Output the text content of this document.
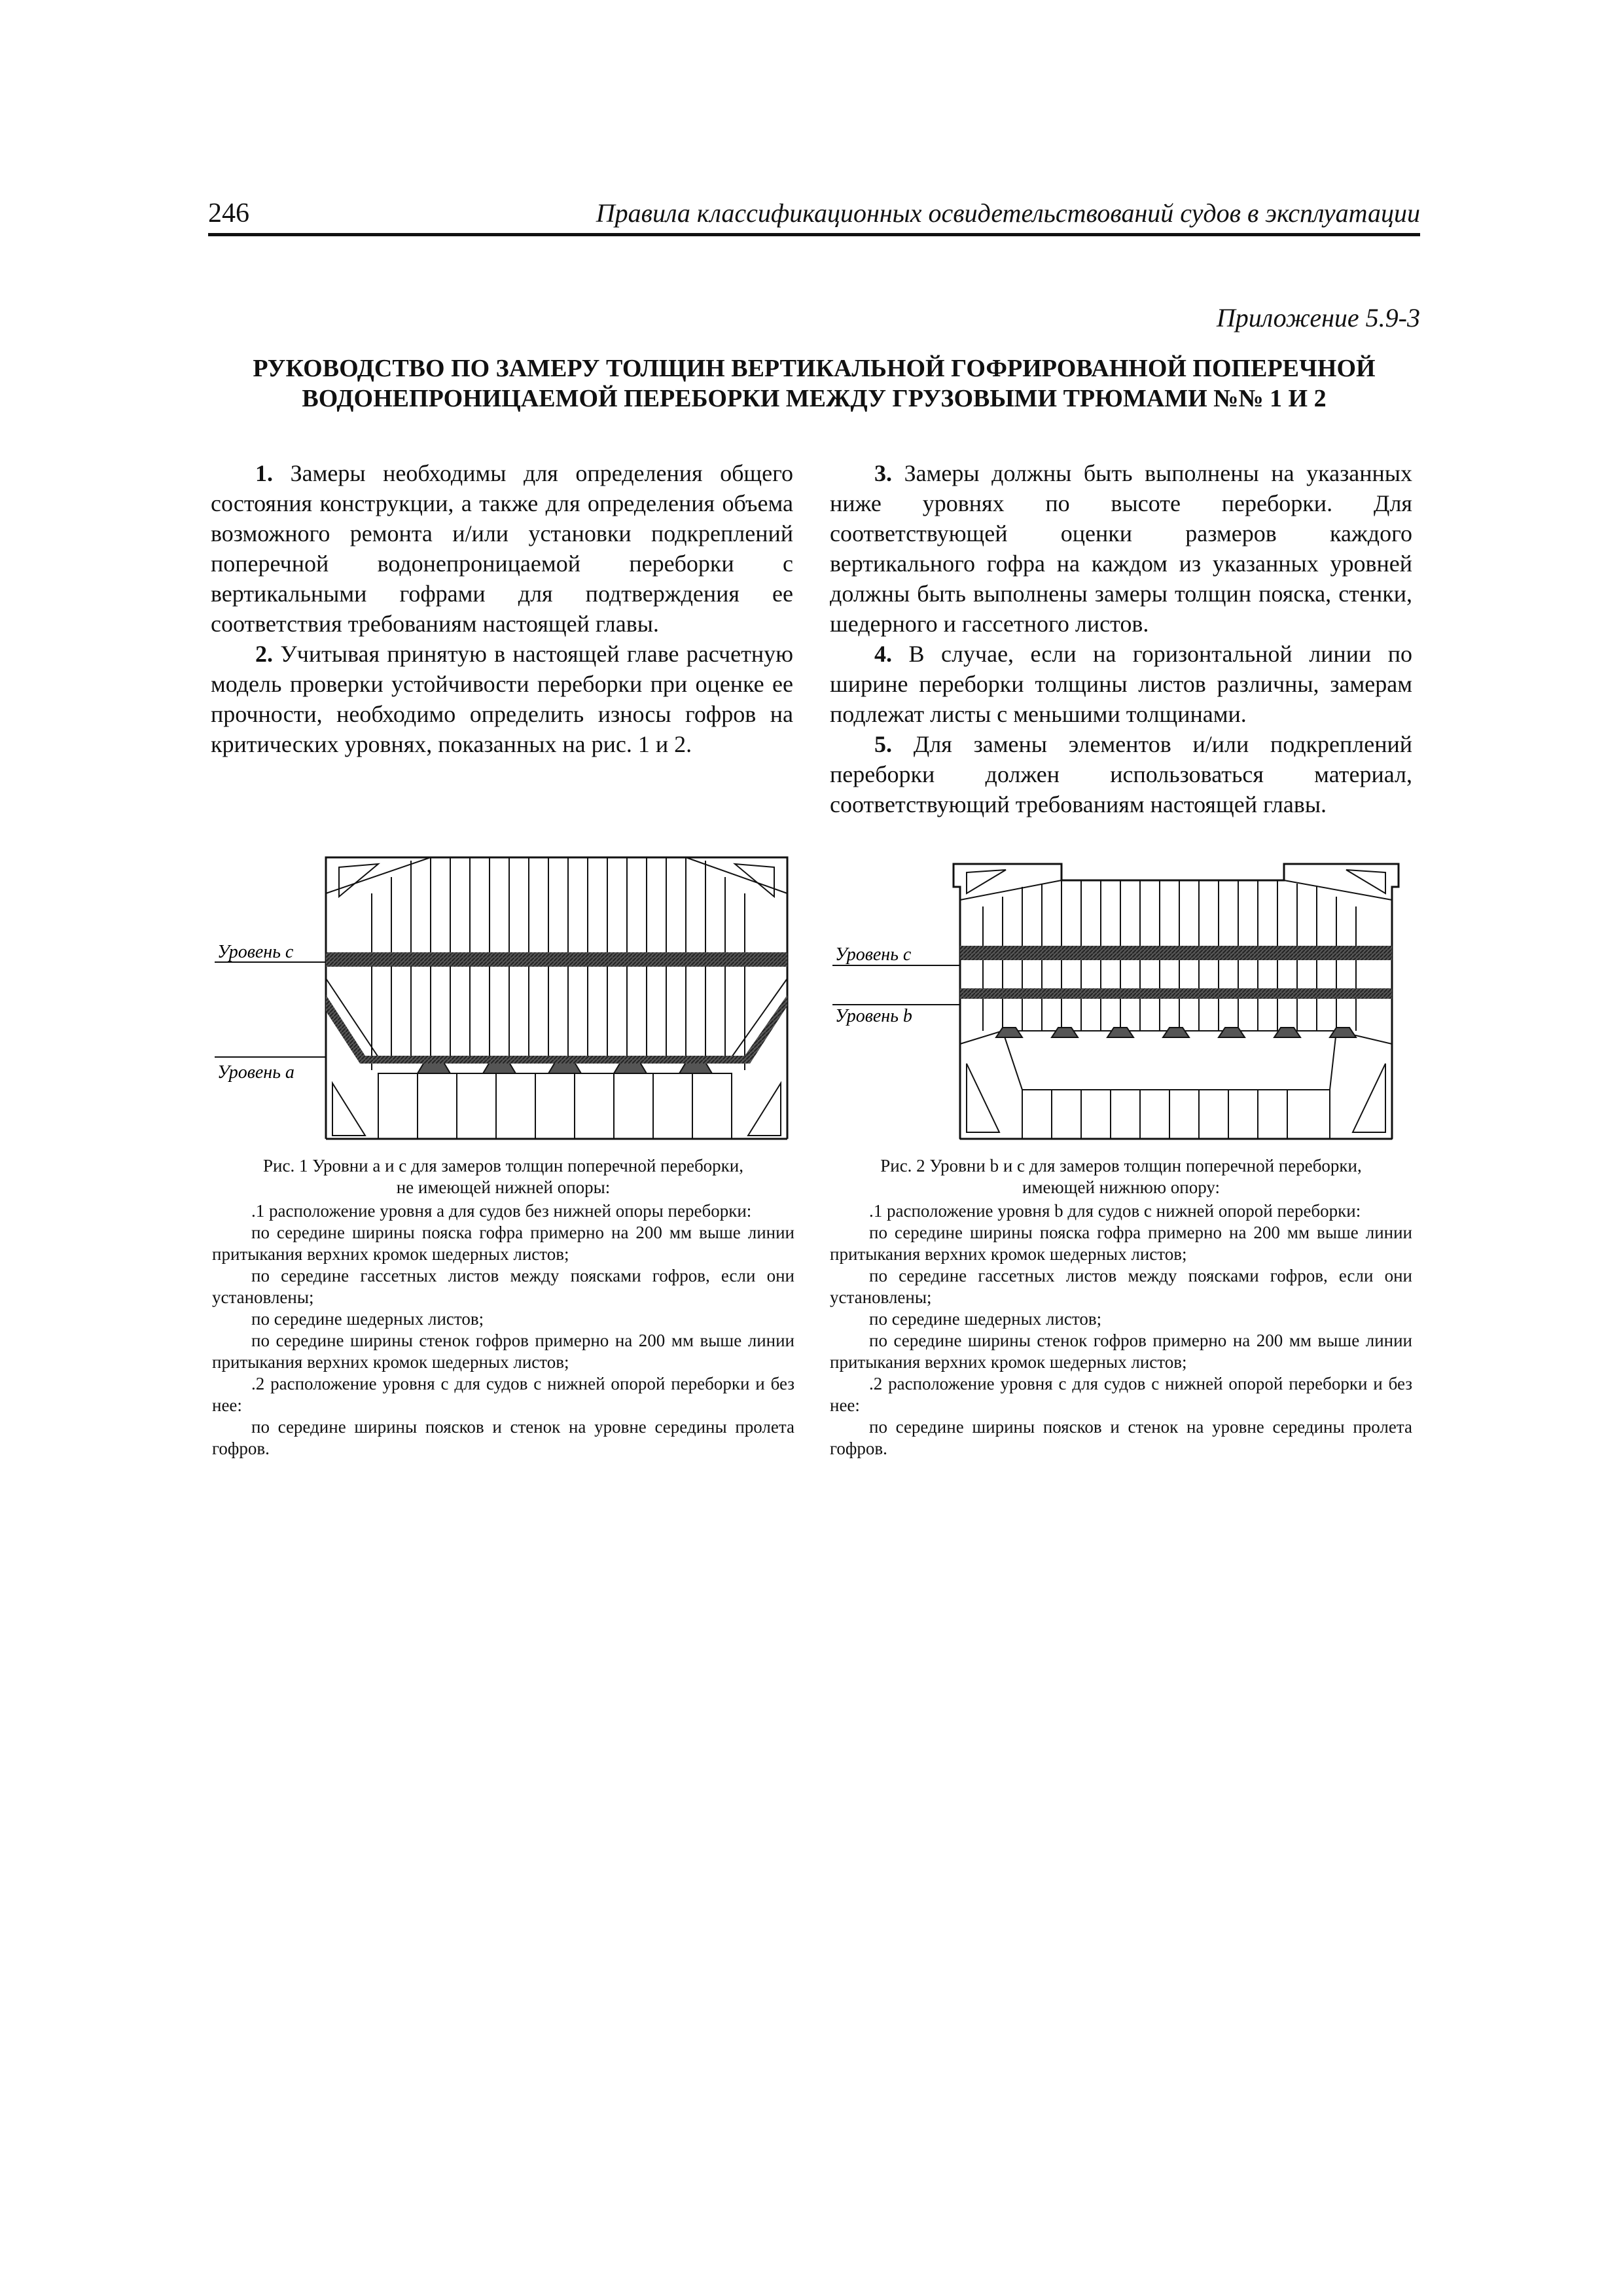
246	Правила классификационных освидетельствований судов в эксплуатации
Приложение 5.9-3
РУКОВОДСТВО ПО ЗАМЕРУ ТОЛЩИН ВЕРТИКАЛЬНОЙ ГОФРИРОВАННОЙ ПОПЕРЕЧНОЙ
ВОДОНЕПРОНИЦАЕМОЙ ПЕРЕБОРКИ МЕЖДУ ГРУЗОВЫМИ ТРЮМАМИ №№ 1 И 2

1. Замеры необходимы для определения общего состояния конструкции, а также для определения объема возможного ремонта и/или установки подкреплений поперечной водонепроницаемой переборки с вертикальными гофрами для подтверждения ее соответствия требованиям настоящей главы.

2. Учитывая принятую в настоящей главе расчетную модель проверки устойчивости переборки при оценке ее прочности, необходимо определить износы гофров на критических уровнях, показанных на рис. 1 и 2.

3. Замеры должны быть выполнены на указанных ниже уровнях по высоте переборки. Для соответствующей оценки размеров каждого вертикального гофра на каждом из указанных уровней должны быть выполнены замеры толщин пояска, стенки, шедерного и гассетного листов.

4. В случае, если на горизонтальной линии по ширине переборки толщины листов различны, замерам подлежат листы с меньшими толщинами.

5. Для замены элементов и/или подкреплений переборки должен использоваться материал, соответствующий требованиям настоящей главы.

Уровень c
Уровень a
Уровень c
Уровень b
Рис. 1 Уровни a и c для замеров толщин поперечной переборки,
не имеющей нижней опоры:

.1 расположение уровня a для судов без нижней опоры переборки:

по середине ширины пояска гофра примерно на 200 мм выше линии притыкания верхних кромок шедерных листов;

по середине гассетных листов между поясками гофров, если они установлены;

по середине шедерных листов;

по середине ширины стенок гофров примерно на 200 мм выше линии притыкания верхних кромок шедерных листов;

.2 расположение уровня c для судов с нижней опорой переборки и без нее:

по середине ширины поясков и стенок на уровне середины пролета гофров.

Рис. 2 Уровни b и c для замеров толщин поперечной переборки,
имеющей нижнюю опору:

.1 расположение уровня b для судов с нижней опорой переборки:

по середине ширины пояска гофра примерно на 200 мм выше линии притыкания верхних кромок шедерных листов;

по середине гассетных листов между поясками гофров, если они установлены;

по середине шедерных листов;

по середине ширины стенок гофров примерно на 200 мм выше линии притыкания верхних кромок шедерных листов;

.2 расположение уровня c для судов с нижней опорой переборки и без нее:

по середине ширины поясков и стенок на уровне середины пролета гофров.
